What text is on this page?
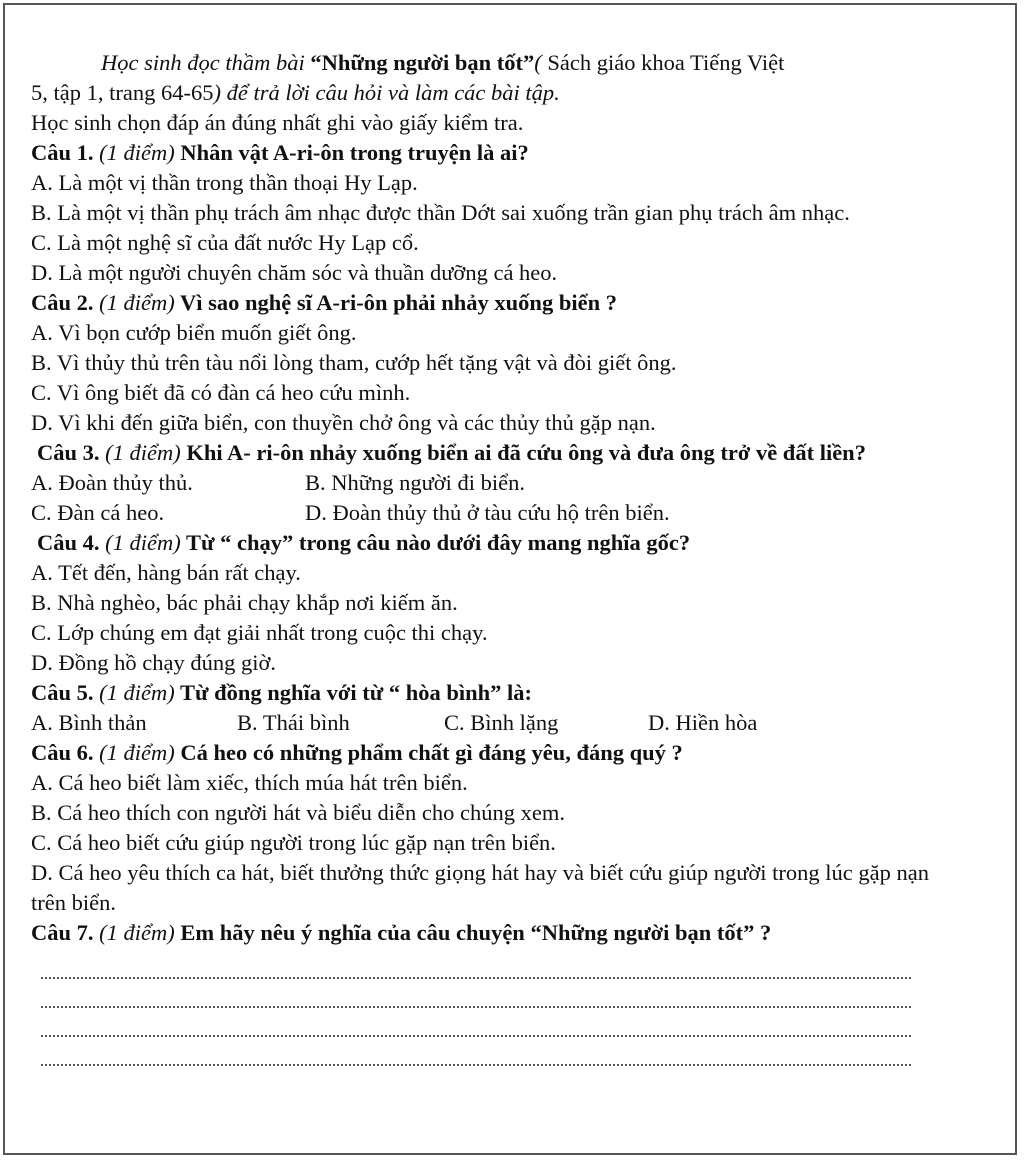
Học sinh đọc thầm bài “Những người bạn tốt”( Sách giáo khoa Tiếng Việt
5, tập 1, trang 64-65) để trả lời câu hỏi và làm các bài tập.
Học sinh chọn đáp án đúng nhất ghi vào giấy kiểm tra.
Câu 1. (1 điểm) Nhân vật A-ri-ôn trong truyện là ai?
A. Là một vị thần trong thần thoại Hy Lạp.
B. Là một vị thần phụ trách âm nhạc được thần Dớt sai xuống trần gian phụ trách âm nhạc.
C. Là một nghệ sĩ của đất nước Hy Lạp cổ.
D. Là một người chuyên chăm sóc và thuần dưỡng cá heo.
Câu 2. (1 điểm) Vì sao nghệ sĩ A-ri-ôn phải nhảy xuống biển ?
A. Vì bọn cướp biển muốn giết ông.
B. Vì thủy thủ trên tàu nổi lòng tham, cướp hết tặng vật và đòi giết ông.
C. Vì ông biết đã có đàn cá heo cứu mình.
D. Vì khi đến giữa biển, con thuyền chở ông và các thủy thủ gặp nạn.
Câu 3. (1 điểm) Khi A- ri-ôn nhảy xuống biển ai đã cứu ông và đưa ông trở về đất liền?
A. Đoàn thủy thủ.	B. Những người đi biển.
C. Đàn cá heo.	D. Đoàn thủy thủ ở tàu cứu hộ trên biển.
Câu 4. (1 điểm) Từ “ chạy” trong câu nào dưới đây mang nghĩa gốc?
A. Tết đến, hàng bán rất chạy.
B. Nhà nghèo, bác phải chạy khắp nơi kiếm ăn.
C. Lớp chúng em đạt giải nhất trong cuộc thi chạy.
D. Đồng hồ chạy đúng giờ.
Câu 5. (1 điểm) Từ đồng nghĩa với từ “ hòa bình” là:
A. Bình thản	B. Thái bình	C. Bình lặng	D. Hiền hòa
Câu 6. (1 điểm) Cá heo có những phẩm chất gì đáng yêu, đáng quý ?
A. Cá heo biết làm xiếc, thích múa hát trên biển.
B. Cá heo thích con người hát và biểu diễn cho chúng xem.
C. Cá heo biết cứu giúp người trong lúc gặp nạn trên biển.
D. Cá heo yêu thích ca hát, biết thưởng thức giọng hát hay và biết cứu giúp người trong lúc gặp nạn trên biển.
Câu 7. (1 điểm) Em hãy nêu ý nghĩa của câu chuyện “Những người bạn tốt” ?
